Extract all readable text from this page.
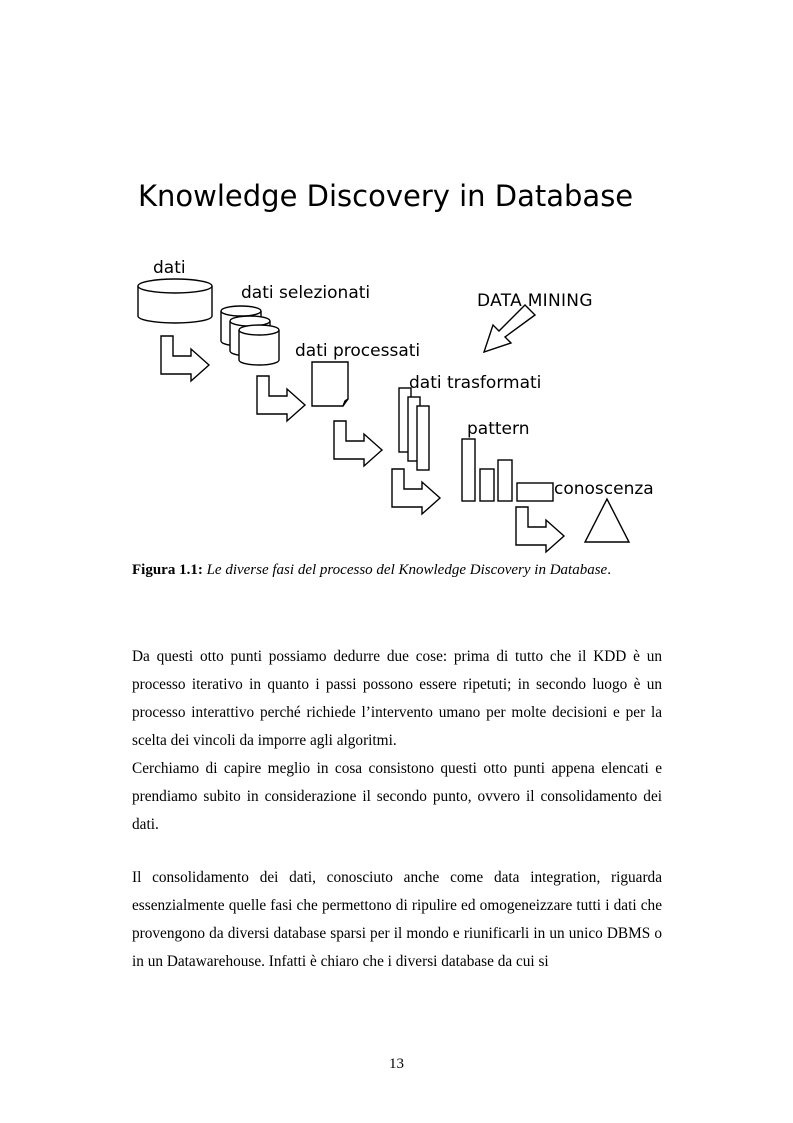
Knowledge Discovery in Database
dati
dati selezionati
dati processati
dati trasformati
pattern
conoscenza
DATA MINING
Figura 1.1: Le diverse fasi del processo del Knowledge Discovery in Database.

Da questi otto punti possiamo dedurre due cose: prima di tutto che il KDD è un processo iterativo in quanto i passi possono essere ripetuti; in secondo luogo è un processo interattivo perché richiede l’intervento umano per molte decisioni e per la scelta dei vincoli da imporre agli algoritmi.

Cerchiamo di capire meglio in cosa consistono questi otto punti appena elencati e prendiamo subito in considerazione il secondo punto, ovvero il consolidamento dei dati.

Il consolidamento dei dati, conosciuto anche come data integration, riguarda essenzialmente quelle fasi che permettono di ripulire ed omogeneizzare tutti i dati che provengono da diversi database sparsi per il mondo e riunificarli in un unico DBMS o in un Datawarehouse. Infatti è chiaro che i diversi database da cui si

13
